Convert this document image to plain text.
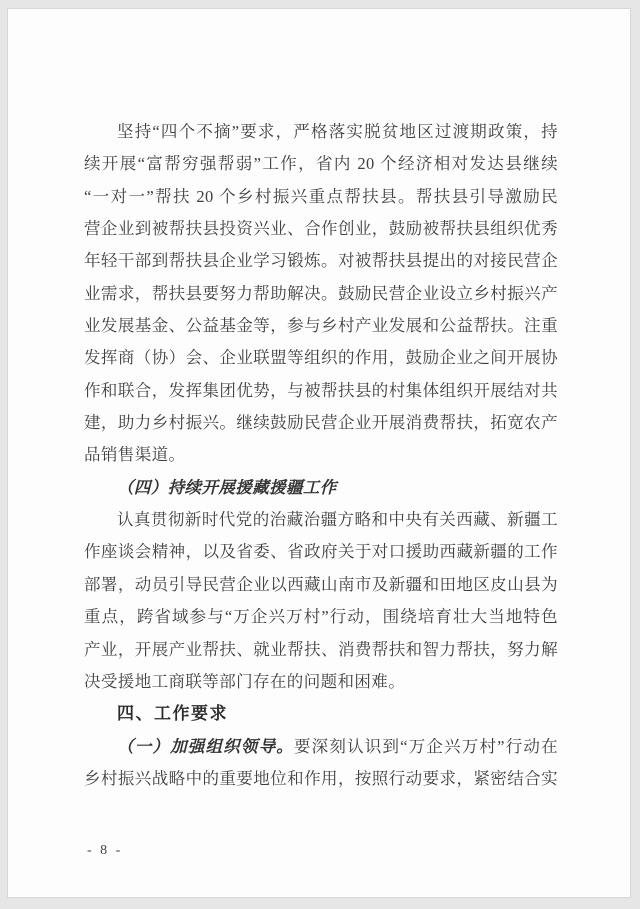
坚持“四个不摘”要求，严格落实脱贫地区过渡期政策，持
续开展“富帮穷强帮弱”工作，省内 20 个经济相对发达县继续
“一对一”帮扶 20 个乡村振兴重点帮扶县。帮扶县引导激励民
营企业到被帮扶县投资兴业、合作创业，鼓励被帮扶县组织优秀
年轻干部到帮扶县企业学习锻炼。对被帮扶县提出的对接民营企
业需求，帮扶县要努力帮助解决。鼓励民营企业设立乡村振兴产
业发展基金、公益基金等，参与乡村产业发展和公益帮扶。注重
发挥商（协）会、企业联盟等组织的作用，鼓励企业之间开展协
作和联合，发挥集团优势，与被帮扶县的村集体组织开展结对共
建，助力乡村振兴。继续鼓励民营企业开展消费帮扶，拓宽农产
品销售渠道。
（四）持续开展援藏援疆工作
认真贯彻新时代党的治藏治疆方略和中央有关西藏、新疆工
作座谈会精神，以及省委、省政府关于对口援助西藏新疆的工作
部署，动员引导民营企业以西藏山南市及新疆和田地区皮山县为
重点，跨省域参与“万企兴万村”行动，围绕培育壮大当地特色
产业，开展产业帮扶、就业帮扶、消费帮扶和智力帮扶，努力解
决受援地工商联等部门存在的问题和困难。
四、工作要求
（一）加强组织领导。要深刻认识到“万企兴万村”行动在
乡村振兴战略中的重要地位和作用，按照行动要求，紧密结合实
- 8 -
